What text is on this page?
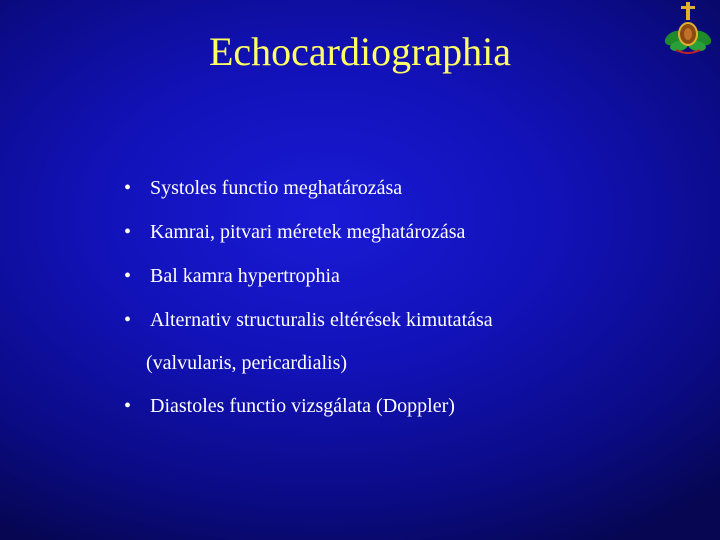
Echocardiographia
• Systoles functio meghatározása
• Kamrai, pitvari méretek meghatározása
• Bal kamra hypertrophia
• Alternativ structuralis eltérések kimutatása
(valvularis, pericardialis)
• Diastoles functio vizsgálata (Doppler)
